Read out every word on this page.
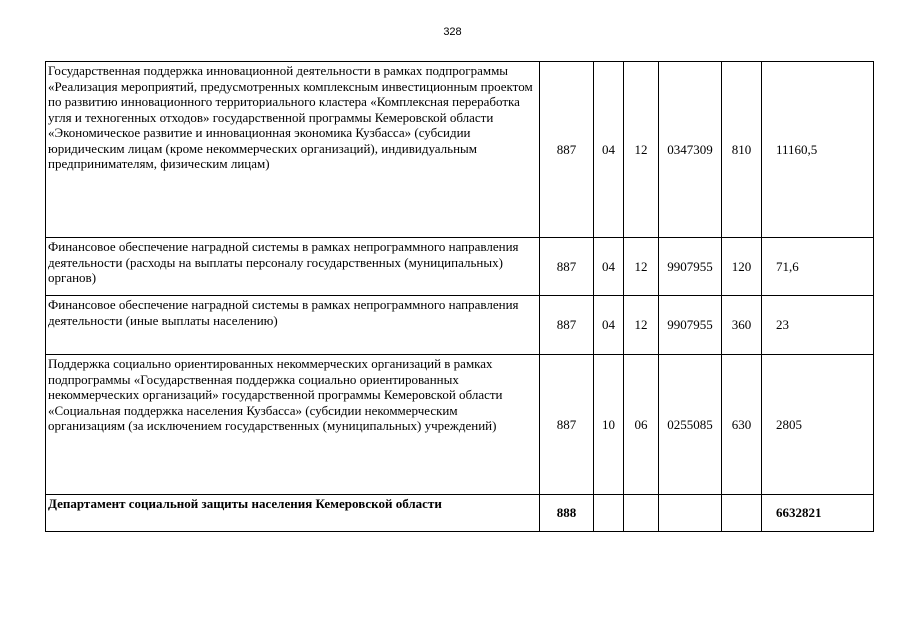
328
Государственная поддержка инновационной деятельности в рамках подпрограммы «Реализация мероприятий, предусмотренных комплексным инвестиционным проектом по развитию инновационного территориального кластера «Комплексная переработка угля и техногенных отходов» государственной программы Кемеровской области «Экономическое развитие и инновационная экономика Кузбасса» (субсидии юридическим лицам (кроме некоммерческих организаций), индивидуальным предпринимателям, физическим лицам)	887	04	12	0347309	810	11160,5
Финансовое обеспечение наградной системы в рамках непрограммного направления деятельности (расходы на выплаты персоналу государственных (муниципальных) органов)	887	04	12	9907955	120	71,6
Финансовое обеспечение наградной системы в рамках непрограммного направления деятельности (иные выплаты населению)	887	04	12	9907955	360	23
Поддержка социально ориентированных некоммерческих организаций в рамках подпрограммы «Государственная поддержка социально ориентированных некоммерческих организаций» государственной программы Кемеровской области «Социальная поддержка населения Кузбасса» (субсидии некоммерческим организациям (за исключением государственных (муниципальных) учреждений)	887	10	06	0255085	630	2805
Департамент социальной защиты населения Кемеровской области	888					6632821
